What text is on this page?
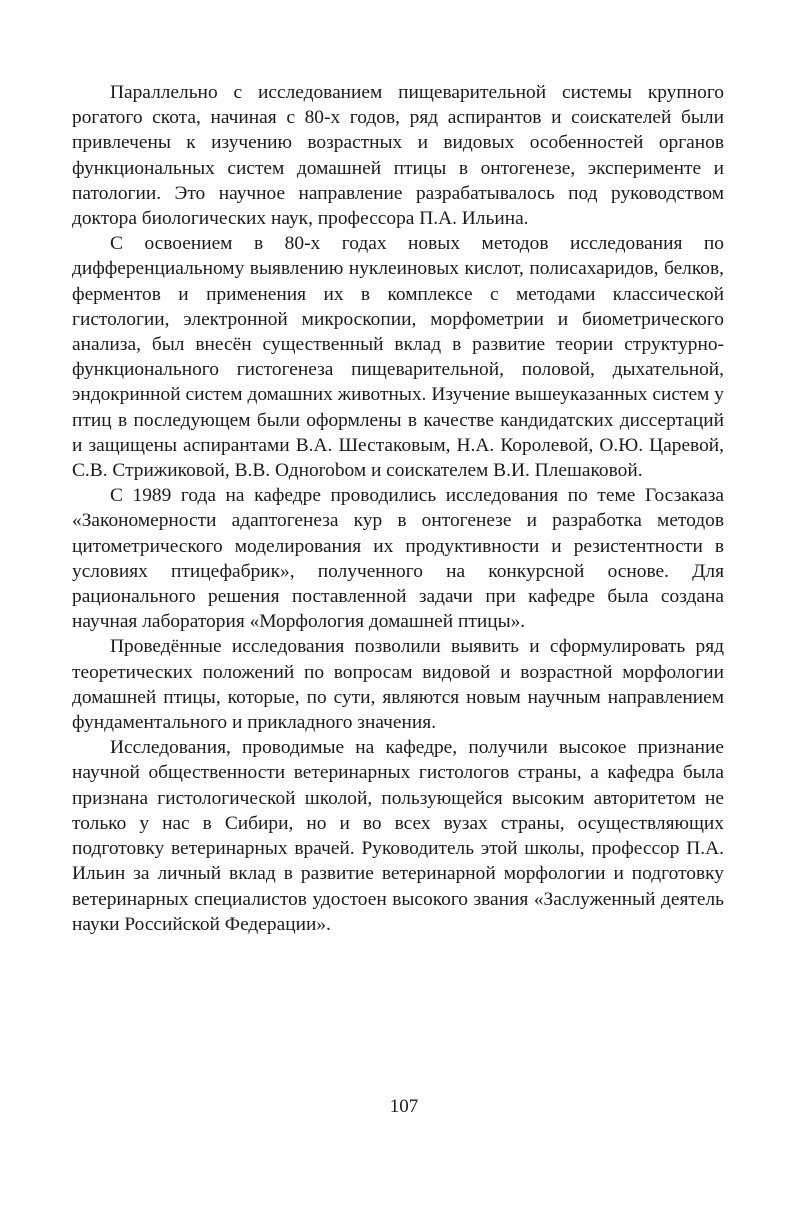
Параллельно с исследованием пищеварительной системы крупного рогатого скота, начиная с 80-х годов, ряд аспирантов и соискателей были привлечены к изучению возрастных и видовых особенностей органов функциональных систем домашней птицы в онтогенезе, эксперименте и патологии. Это научное направление разрабатывалось под руководством доктора биологических наук, профессора П.А. Ильина.

С освоением в 80-х годах новых методов исследования по дифференциальному выявлению нуклеиновых кислот, полисахаридов, белков, ферментов и применения их в комплексе с методами классической гистологии, электронной микроскопии, морфометрии и биометрического анализа, был внесён существенный вклад в развитие теории структурно-функционального гистогенеза пищеварительной, половой, дыхательной, эндокринной систем домашних животных. Изучение вышеуказанных систем у птиц в последующем были оформлены в качестве кандидатских диссертаций и защищены аспирантами В.А. Шестаковым, Н.А. Королевой, О.Ю. Царевой, С.В. Стрижиковой, В.В. Однorobом и соискателем В.И. Плешаковой.

С 1989 года на кафедре проводились исследования по теме Госзаказа «Закономерности адаптогенеза кур в онтогенезе и разработка методов цитометрического моделирования их продуктивности и резистентности в условиях птицефабрик», полученного на конкурсной основе. Для рационального решения поставленной задачи при кафедре была создана научная лаборатория «Морфология домашней птицы».

Проведённые исследования позволили выявить и сформулировать ряд теоретических положений по вопросам видовой и возрастной морфологии домашней птицы, которые, по сути, являются новым научным направлением фундаментального и прикладного значения.

Исследования, проводимые на кафедре, получили высокое признание научной общественности ветеринарных гистологов страны, а кафедра была признана гистологической школой, пользующейся высоким авторитетом не только у нас в Сибири, но и во всех вузах страны, осуществляющих подготовку ветеринарных врачей. Руководитель этой школы, профессор П.А. Ильин за личный вклад в развитие ветеринарной морфологии и подготовку ветеринарных специалистов удостоен высокого звания «Заслуженный деятель науки Российской Федерации».

107
